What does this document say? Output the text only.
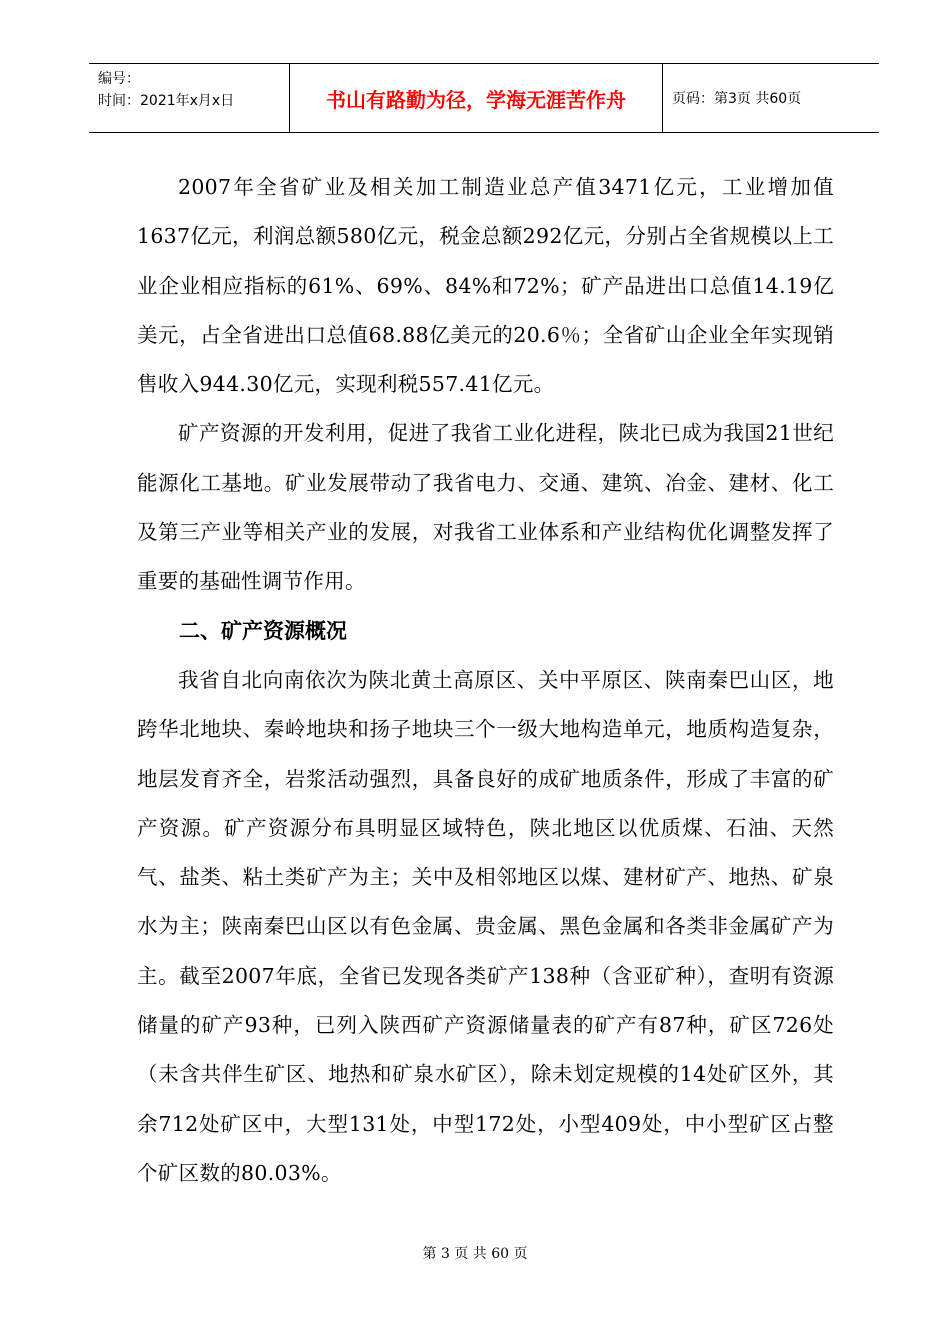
编号：
时间：2021年x月x日	书山有路勤为径，学海无涯苦作舟	页码：第3页 共60页

2007年全省矿业及相关加工制造业总产值3471亿元，工业增加值1637亿元，利润总额580亿元，税金总额292亿元，分别占全省规模以上工业企业相应指标的61%、69%、84%和72%；矿产品进出口总值14.19亿美元，占全省进出口总值68.88亿美元的20.6％；全省矿山企业全年实现销售收入944.30亿元，实现利税557.41亿元。

矿产资源的开发利用，促进了我省工业化进程，陕北已成为我国21世纪能源化工基地。矿业发展带动了我省电力、交通、建筑、冶金、建材、化工及第三产业等相关产业的发展，对我省工业体系和产业结构优化调整发挥了重要的基础性调节作用。

二、矿产资源概况

我省自北向南依次为陕北黄土高原区、关中平原区、陕南秦巴山区，地跨华北地块、秦岭地块和扬子地块三个一级大地构造单元，地质构造复杂，地层发育齐全，岩浆活动强烈，具备良好的成矿地质条件，形成了丰富的矿产资源。矿产资源分布具明显区域特色，陕北地区以优质煤、石油、天然气、盐类、粘土类矿产为主；关中及相邻地区以煤、建材矿产、地热、矿泉水为主；陕南秦巴山区以有色金属、贵金属、黑色金属和各类非金属矿产为主。截至2007年底，全省已发现各类矿产138种（含亚矿种），查明有资源储量的矿产93种，已列入陕西矿产资源储量表的矿产有87种，矿区726处（未含共伴生矿区、地热和矿泉水矿区），除未划定规模的14处矿区外，其余712处矿区中，大型131处，中型172处，小型409处，中小型矿区占整个矿区数的80.03%。

第 3 页 共 60 页
